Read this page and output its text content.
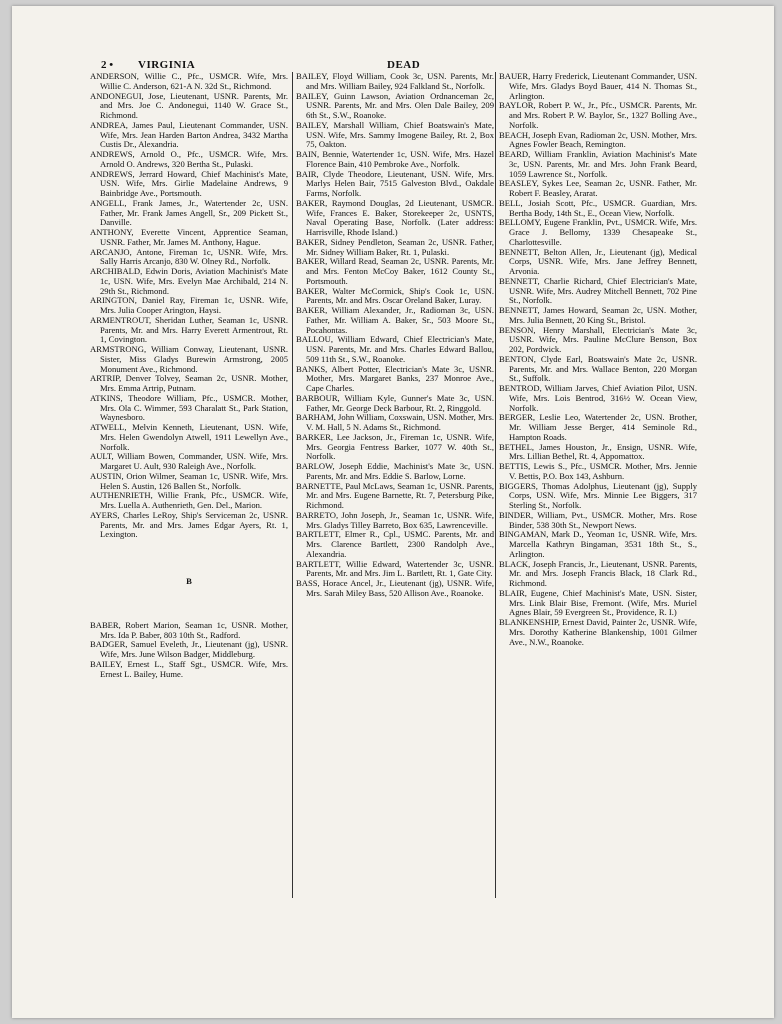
2 • VIRGINIA	DEAD

ANDERSON, Willie C., Pfc., USMCR. Wife, Mrs. Willie C. Anderson, 621-A N. 32d St., Richmond.

ANDONEGUI, Jose, Lieutenant, USNR. Parents, Mr. and Mrs. Joe C. Andonegui, 1140 W. Grace St., Richmond.

ANDREA, James Paul, Lieutenant Commander, USN. Wife, Mrs. Jean Harden Barton Andrea, 3432 Martha Custis Dr., Alexandria.

ANDREWS, Arnold O., Pfc., USMCR. Wife, Mrs. Arnold O. Andrews, 320 Bertha St., Pulaski.

ANDREWS, Jerrard Howard, Chief Machinist's Mate, USN. Wife, Mrs. Girlie Madelaine Andrews, 9 Bainbridge Ave., Portsmouth.

ANGELL, Frank James, Jr., Watertender 2c, USN. Father, Mr. Frank James Angell, Sr., 209 Pickett St., Danville.

ANTHONY, Everette Vincent, Apprentice Seaman, USNR. Father, Mr. James M. Anthony, Hague.

ARCANJO, Antone, Fireman 1c, USNR. Wife, Mrs. Sally Harris Arcanjo, 830 W. Olney Rd., Norfolk.

ARCHIBALD, Edwin Doris, Aviation Machinist's Mate 1c, USN. Wife, Mrs. Evelyn Mae Archibald, 214 N. 29th St., Richmond.

ARINGTON, Daniel Ray, Fireman 1c, USNR. Wife, Mrs. Julia Cooper Arington, Haysi.

ARMENTROUT, Sheridan Luther, Seaman 1c, USNR. Parents, Mr. and Mrs. Harry Everett Armentrout, Rt. 1, Covington.

ARMSTRONG, William Conway, Lieutenant, USNR. Sister, Miss Gladys Burewin Armstrong, 2005 Monument Ave., Richmond.

ARTRIP, Denver Tolvey, Seaman 2c, USNR. Mother, Mrs. Emma Artrip, Putnam.

ATKINS, Theodore William, Pfc., USMCR. Mother, Mrs. Ola C. Wimmer, 593 Charalatt St., Park Station, Waynesboro.

ATWELL, Melvin Kenneth, Lieutenant, USN. Wife, Mrs. Helen Gwendolyn Atwell, 1911 Lewellyn Ave., Norfolk.

AULT, William Bowen, Commander, USN. Wife, Mrs. Margaret U. Ault, 930 Raleigh Ave., Norfolk.

AUSTIN, Orion Wilmer, Seaman 1c, USNR. Wife, Mrs. Helen S. Austin, 126 Ballen St., Norfolk.

AUTHENRIETH, Willie Frank, Pfc., USMCR. Wife, Mrs. Luella A. Authenrieth, Gen. Del., Marion.

AYERS, Charles LeRoy, Ship's Serviceman 2c, USNR. Parents, Mr. and Mrs. James Edgar Ayers, Rt. 1, Lexington.

B

BABER, Robert Marion, Seaman 1c, USNR. Mother, Mrs. Ida P. Baber, 803 10th St., Radford.

BADGER, Samuel Eveleth, Jr., Lieutenant (jg), USNR. Wife, Mrs. June Wilson Badger, Middleburg.

BAILEY, Ernest L., Staff Sgt., USMCR. Wife, Mrs. Ernest L. Bailey, Hume.

BAILEY, Floyd William, Cook 3c, USN. Parents, Mr. and Mrs. William Bailey, 924 Falkland St., Norfolk.

BAILEY, Guinn Lawson, Aviation Ordnanceman 2c, USNR. Parents, Mr. and Mrs. Olen Dale Bailey, 209 6th St., S.W., Roanoke.

BAILEY, Marshall William, Chief Boatswain's Mate, USN. Wife, Mrs. Sammy Imogene Bailey, Rt. 2, Box 75, Oakton.

BAIN, Bennie, Watertender 1c, USN. Wife, Mrs. Hazel Florence Bain, 410 Pembroke Ave., Norfolk.

BAIR, Clyde Theodore, Lieutenant, USN. Wife, Mrs. Marlys Helen Bair, 7515 Galveston Blvd., Oakdale Farms, Norfolk.

BAKER, Raymond Douglas, 2d Lieutenant, USMCR. Wife, Frances E. Baker, Storekeeper 2c, USNTS, Naval Operating Base, Norfolk. (Later address: Harrisville, Rhode Island.)

BAKER, Sidney Pendleton, Seaman 2c, USNR. Father, Mr. Sidney William Baker, Rt. 1, Pulaski.

BAKER, Willard Read, Seaman 2c, USNR. Parents, Mr. and Mrs. Fenton McCoy Baker, 1612 County St., Portsmouth.

BAKER, Walter McCormick, Ship's Cook 1c, USN. Parents, Mr. and Mrs. Oscar Oreland Baker, Luray.

BAKER, William Alexander, Jr., Radioman 3c, USN. Father, Mr. William A. Baker, Sr., 503 Moore St., Pocahontas.

BALLOU, William Edward, Chief Electrician's Mate, USN. Parents, Mr. and Mrs. Charles Edward Ballou, 509 11th St., S.W., Roanoke.

BANKS, Albert Potter, Electrician's Mate 3c, USNR. Mother, Mrs. Margaret Banks, 237 Monroe Ave., Cape Charles.

BARBOUR, William Kyle, Gunner's Mate 3c, USN. Father, Mr. George Deck Barbour, Rt. 2, Ringgold.

BARHAM, John William, Coxswain, USN. Mother, Mrs. V. M. Hall, 5 N. Adams St., Richmond.

BARKER, Lee Jackson, Jr., Fireman 1c, USNR. Wife, Mrs. Georgia Fentress Barker, 1077 W. 40th St., Norfolk.

BARLOW, Joseph Eddie, Machinist's Mate 3c, USN. Parents, Mr. and Mrs. Eddie S. Barlow, Lorne.

BARNETTE, Paul McLaws, Seaman 1c, USNR. Parents, Mr. and Mrs. Eugene Barnette, Rt. 7, Petersburg Pike, Richmond.

BARRETO, John Joseph, Jr., Seaman 1c, USNR. Wife, Mrs. Gladys Tilley Barreto, Box 635, Lawrenceville.

BARTLETT, Elmer R., Cpl., USMC. Parents, Mr. and Mrs. Clarence Bartlett, 2300 Randolph Ave., Alexandria.

BARTLETT, Willie Edward, Watertender 3c, USNR. Parents, Mr. and Mrs. Jim L. Bartlett, Rt. 1, Gate City.

BASS, Horace Ancel, Jr., Lieutenant (jg), USNR. Wife, Mrs. Sarah Miley Bass, 520 Allison Ave., Roanoke.

BAUER, Harry Frederick, Lieutenant Commander, USN. Wife, Mrs. Gladys Boyd Bauer, 414 N. Thomas St., Arlington.

BAYLOR, Robert P. W., Jr., Pfc., USMCR. Parents, Mr. and Mrs. Robert P. W. Baylor, Sr., 1327 Bolling Ave., Norfolk.

BEACH, Joseph Evan, Radioman 2c, USN. Mother, Mrs. Agnes Fowler Beach, Remington.

BEARD, William Franklin, Aviation Machinist's Mate 3c, USN. Parents, Mr. and Mrs. John Frank Beard, 1059 Lawrence St., Norfolk.

BEASLEY, Sykes Lee, Seaman 2c, USNR. Father, Mr. Robert F. Beasley, Ararat.

BELL, Josiah Scott, Pfc., USMCR. Guardian, Mrs. Bertha Body, 14th St., E., Ocean View, Norfolk.

BELLOMY, Eugene Franklin, Pvt., USMCR. Wife, Mrs. Grace J. Bellomy, 1339 Chesapeake St., Charlottesville.

BENNETT, Belton Allen, Jr., Lieutenant (jg), Medical Corps, USNR. Wife, Mrs. Jane Jeffrey Bennett, Arvonia.

BENNETT, Charlie Richard, Chief Electrician's Mate, USNR. Wife, Mrs. Audrey Mitchell Bennett, 702 Pine St., Norfolk.

BENNETT, James Howard, Seaman 2c, USN. Mother, Mrs. Julia Bennett, 20 King St., Bristol.

BENSON, Henry Marshall, Electrician's Mate 3c, USNR. Wife, Mrs. Pauline McClure Benson, Box 202, Pordwick.

BENTON, Clyde Earl, Boatswain's Mate 2c, USNR. Parents, Mr. and Mrs. Wallace Benton, 220 Morgan St., Suffolk.

BENTROD, William Jarves, Chief Aviation Pilot, USN. Wife, Mrs. Lois Bentrod, 316½ W. Ocean View, Norfolk.

BERGER, Leslie Leo, Watertender 2c, USN. Brother, Mr. William Jesse Berger, 414 Seminole Rd., Hampton Roads.

BETHEL, James Houston, Jr., Ensign, USNR. Wife, Mrs. Lillian Bethel, Rt. 4, Appomattox.

BETTIS, Lewis S., Pfc., USMCR. Mother, Mrs. Jennie V. Bettis, P.O. Box 143, Ashburn.

BIGGERS, Thomas Adolphus, Lieutenant (jg), Supply Corps, USN. Wife, Mrs. Minnie Lee Biggers, 317 Sterling St., Norfolk.

BINDER, William, Pvt., USMCR. Mother, Mrs. Rose Binder, 538 30th St., Newport News.

BINGAMAN, Mark D., Yeoman 1c, USNR. Wife, Mrs. Marcella Kathryn Bingaman, 3531 18th St., S., Arlington.

BLACK, Joseph Francis, Jr., Lieutenant, USNR. Parents, Mr. and Mrs. Joseph Francis Black, 18 Clark Rd., Richmond.

BLAIR, Eugene, Chief Machinist's Mate, USN. Sister, Mrs. Link Blair Bise, Fremont. (Wife, Mrs. Muriel Agnes Blair, 59 Evergreen St., Providence, R. I.)

BLANKENSHIP, Ernest David, Painter 2c, USNR. Wife, Mrs. Dorothy Katherine Blankenship, 1001 Gilmer Ave., N.W., Roanoke.
